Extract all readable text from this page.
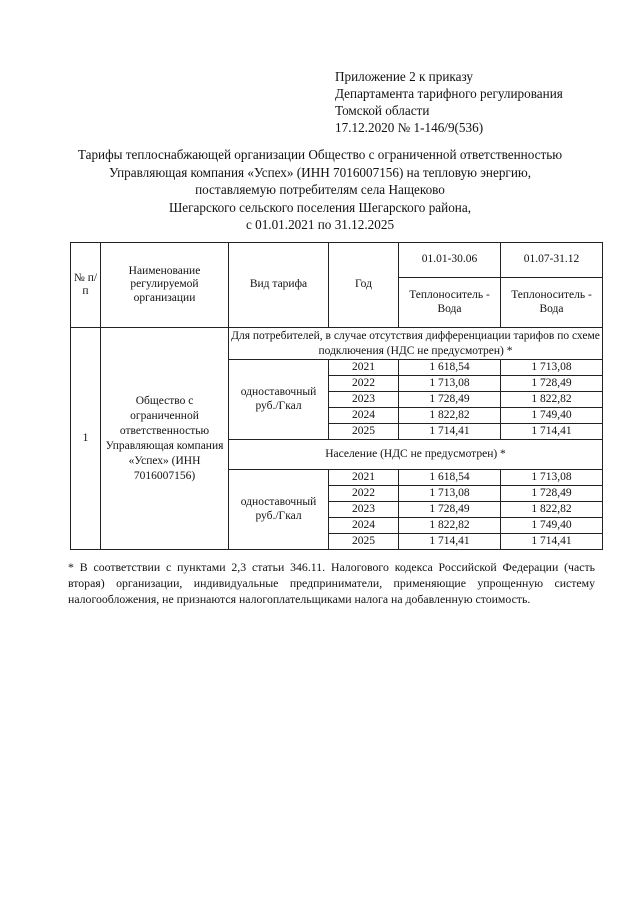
Приложение 2 к приказу
Департамента тарифного регулирования
Томской области
17.12.2020 № 1-146/9(536)
Тарифы теплоснабжающей организации Общество с ограниченной ответственностью
Управляющая компания «Успех» (ИНН 7016007156) на тепловую энергию,
поставляемую потребителям села Нащеково
Шегарского сельского поселения Шегарского района,
с 01.01.2021 по 31.12.2025
№ п/п	Наименование регулируемой организации	Вид тарифа	Год	01.01-30.06	01.07-31.12
				Теплоноситель - Вода	Теплоноситель - Вода
1	Общество с ограниченной ответственностью Управляющая компания «Успех» (ИНН 7016007156)	Для потребителей, в случае отсутствия дифференциации тарифов по схеме подключения (НДС не предусмотрен) *			
		одноставочный руб./Гкал	2021	1 618,54	1 713,08
			2022	1 713,08	1 728,49
			2023	1 728,49	1 822,82
			2024	1 822,82	1 749,40
			2025	1 714,41	1 714,41
		Население (НДС не предусмотрен) *			
		одноставочный руб./Гкал	2021	1 618,54	1 713,08
			2022	1 713,08	1 728,49
			2023	1 728,49	1 822,82
			2024	1 822,82	1 749,40
			2025	1 714,41	1 714,41
* В соответствии с пунктами 2,3 статьи 346.11. Налогового кодекса Российской Федерации (часть вторая) организации, индивидуальные предприниматели, применяющие упрощенную систему налогообложения, не признаются налогоплательщиками налога на добавленную стоимость.
